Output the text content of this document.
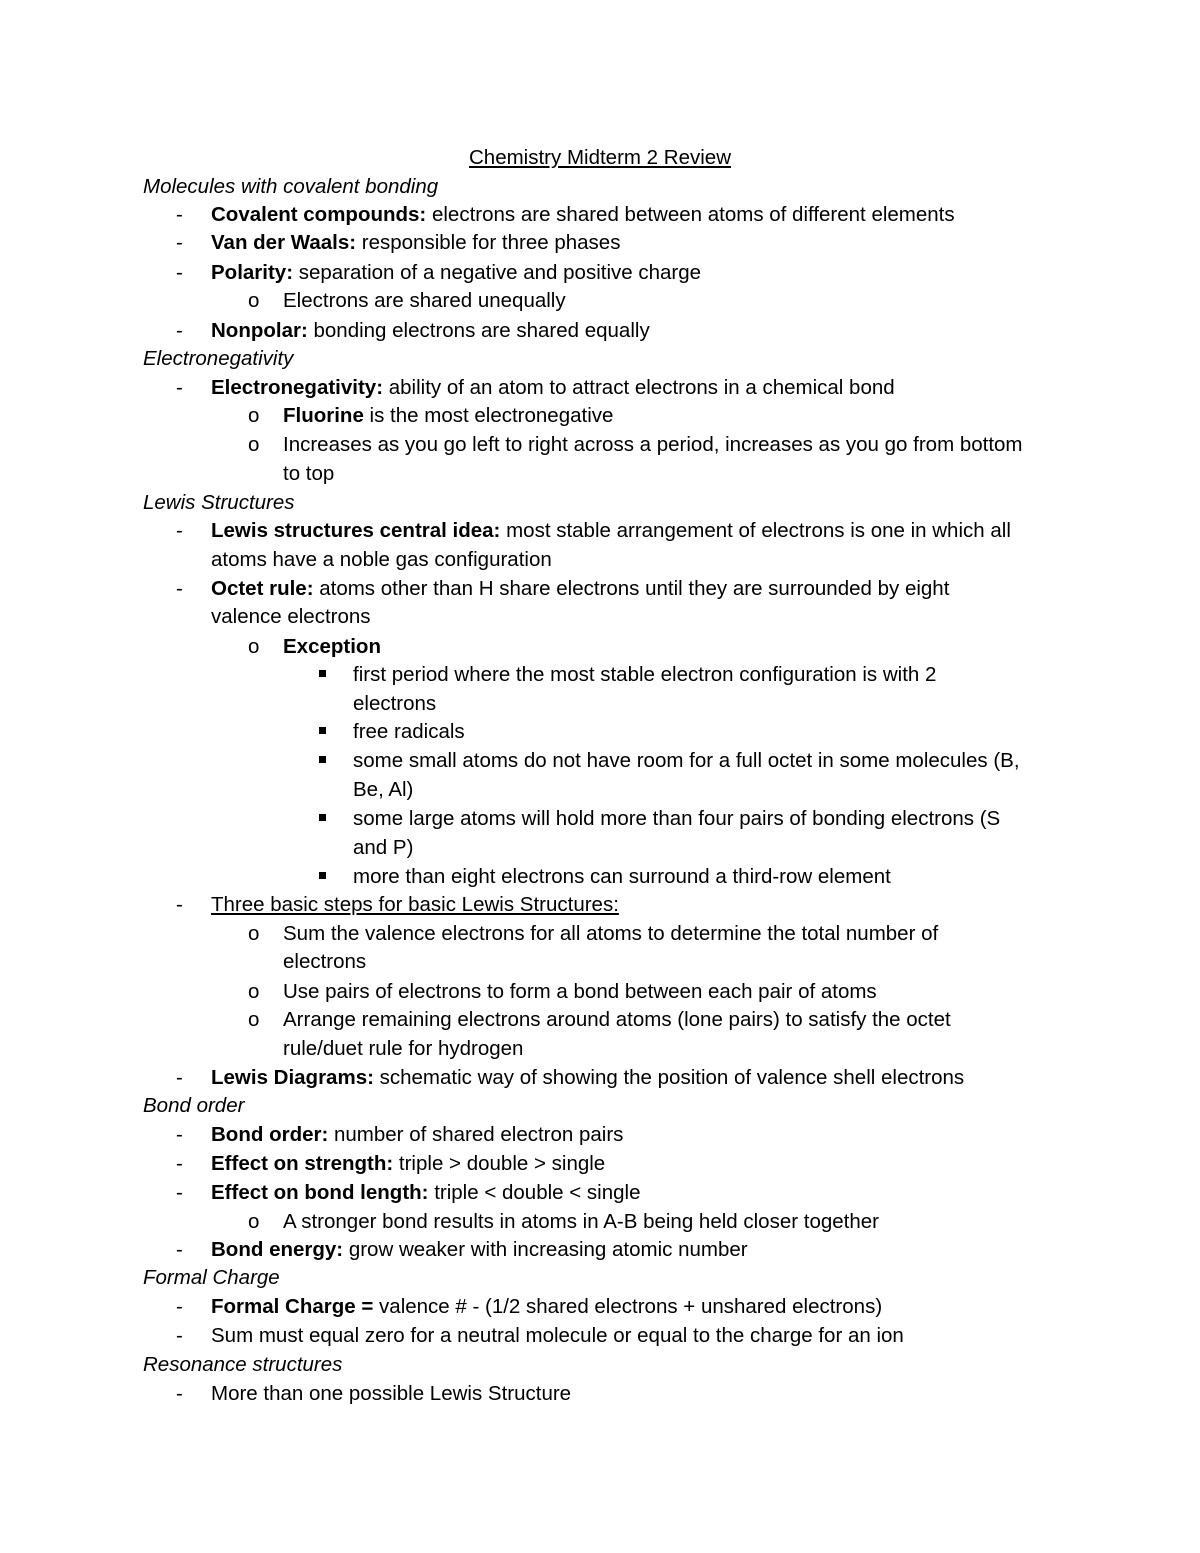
Chemistry Midterm 2 Review
Molecules with covalent bonding
- Covalent compounds: electrons are shared between atoms of different elements
- Van der Waals: responsible for three phases
- Polarity: separation of a negative and positive charge
o Electrons are shared unequally
- Nonpolar: bonding electrons are shared equally
Electronegativity
- Electronegativity: ability of an atom to attract electrons in a chemical bond
o Fluorine is the most electronegative
o Increases as you go left to right across a period, increases as you go from bottom
to top
Lewis Structures
- Lewis structures central idea: most stable arrangement of electrons is one in which all
atoms have a noble gas configuration
- Octet rule: atoms other than H share electrons until they are surrounded by eight
valence electrons
o Exception
first period where the most stable electron configuration is with 2
electrons
free radicals
some small atoms do not have room for a full octet in some molecules (B,
Be, Al)
some large atoms will hold more than four pairs of bonding electrons (S
and P)
more than eight electrons can surround a third-row element
- Three basic steps for basic Lewis Structures:
o Sum the valence electrons for all atoms to determine the total number of
electrons
o Use pairs of electrons to form a bond between each pair of atoms
o Arrange remaining electrons around atoms (lone pairs) to satisfy the octet
rule/duet rule for hydrogen
- Lewis Diagrams: schematic way of showing the position of valence shell electrons
Bond order
- Bond order: number of shared electron pairs
- Effect on strength: triple > double > single
- Effect on bond length: triple < double < single
o A stronger bond results in atoms in A-B being held closer together
- Bond energy: grow weaker with increasing atomic number
Formal Charge
- Formal Charge = valence # - (1/2 shared electrons + unshared electrons)
- Sum must equal zero for a neutral molecule or equal to the charge for an ion
Resonance structures
- More than one possible Lewis Structure
